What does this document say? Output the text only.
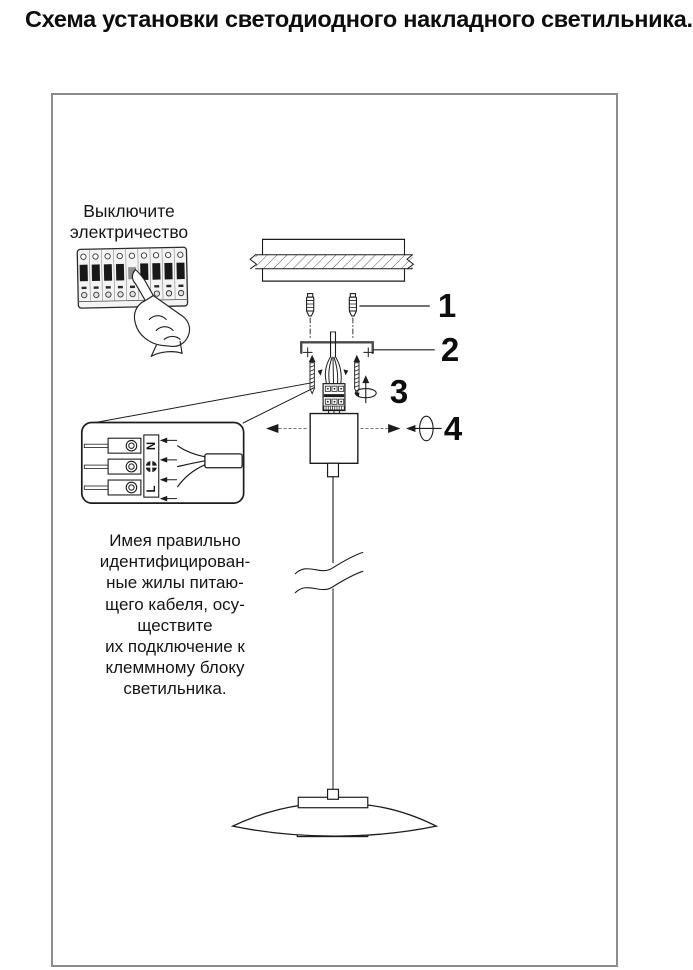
Схема установки светодиодного накладного светильника.
Выключите
электричество
Имея правильно
идентифицирован-
ные жилы питаю-
щего кабеля, осу-
ществите
их подключение к
клеммному блоку
светильника.
1
2
3
4
N
L
